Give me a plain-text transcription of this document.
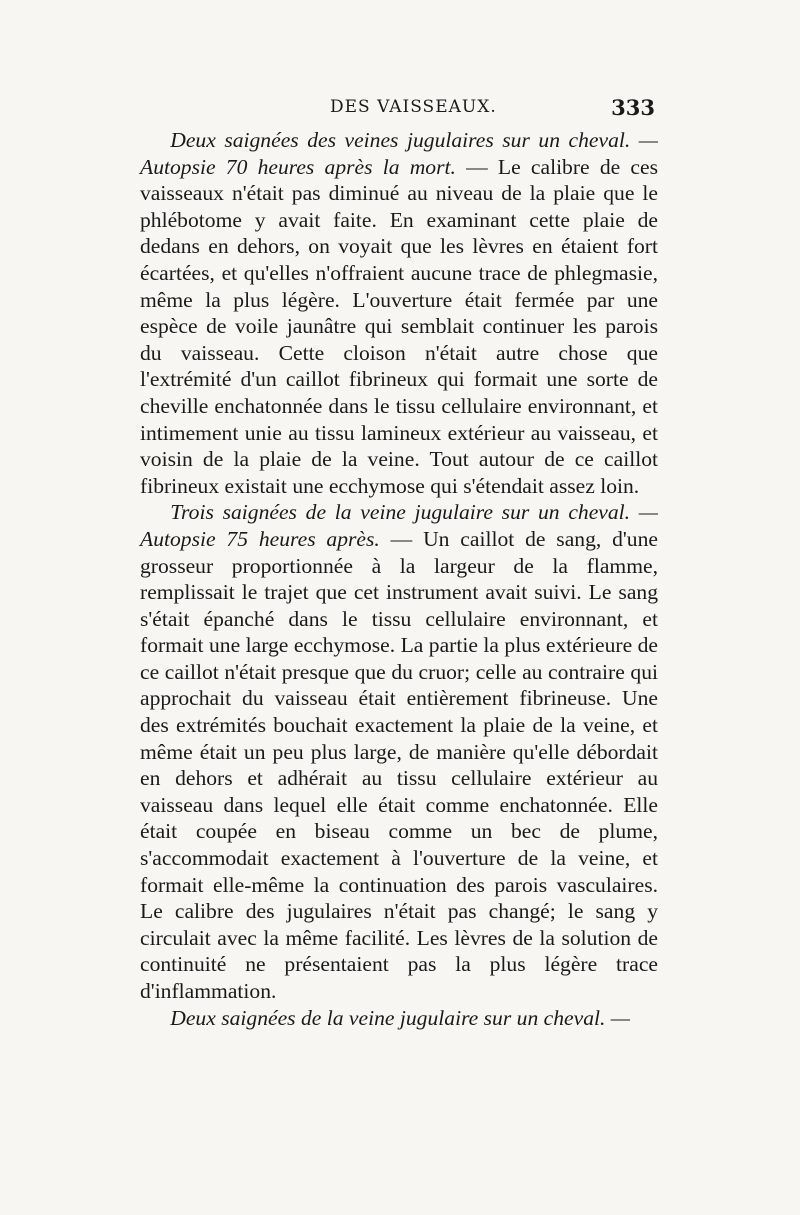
DES VAISSEAUX.	333

Deux saignées des veines jugulaires sur un cheval. — Autopsie 70 heures après la mort. — Le calibre de ces vaisseaux n'était pas diminué au niveau de la plaie que le phlébotome y avait faite. En examinant cette plaie de dedans en dehors, on voyait que les lèvres en étaient fort écartées, et qu'elles n'offraient aucune trace de phlegmasie, même la plus légère. L'ouverture était fermée par une espèce de voile jaunâtre qui semblait continuer les parois du vaisseau. Cette cloison n'était autre chose que l'extrémité d'un caillot fibrineux qui formait une sorte de cheville enchatonnée dans le tissu cellulaire environnant, et intimement unie au tissu lamineux extérieur au vaisseau, et voisin de la plaie de la veine. Tout autour de ce caillot fibrineux existait une ecchymose qui s'étendait assez loin.

Trois saignées de la veine jugulaire sur un cheval. — Autopsie 75 heures après. — Un caillot de sang, d'une grosseur proportionnée à la largeur de la flamme, remplissait le trajet que cet instrument avait suivi. Le sang s'était épanché dans le tissu cellulaire environnant, et formait une large ecchymose. La partie la plus extérieure de ce caillot n'était presque que du cruor; celle au contraire qui approchait du vaisseau était entièrement fibrineuse. Une des extrémités bouchait exactement la plaie de la veine, et même était un peu plus large, de manière qu'elle débordait en dehors et adhérait au tissu cellulaire extérieur au vaisseau dans lequel elle était comme enchatonnée. Elle était coupée en biseau comme un bec de plume, s'accommodait exactement à l'ouverture de la veine, et formait elle-même la continuation des parois vasculaires. Le calibre des jugulaires n'était pas changé; le sang y circulait avec la même facilité. Les lèvres de la solution de continuité ne présentaient pas la plus légère trace d'inflammation.

Deux saignées de la veine jugulaire sur un cheval. —
